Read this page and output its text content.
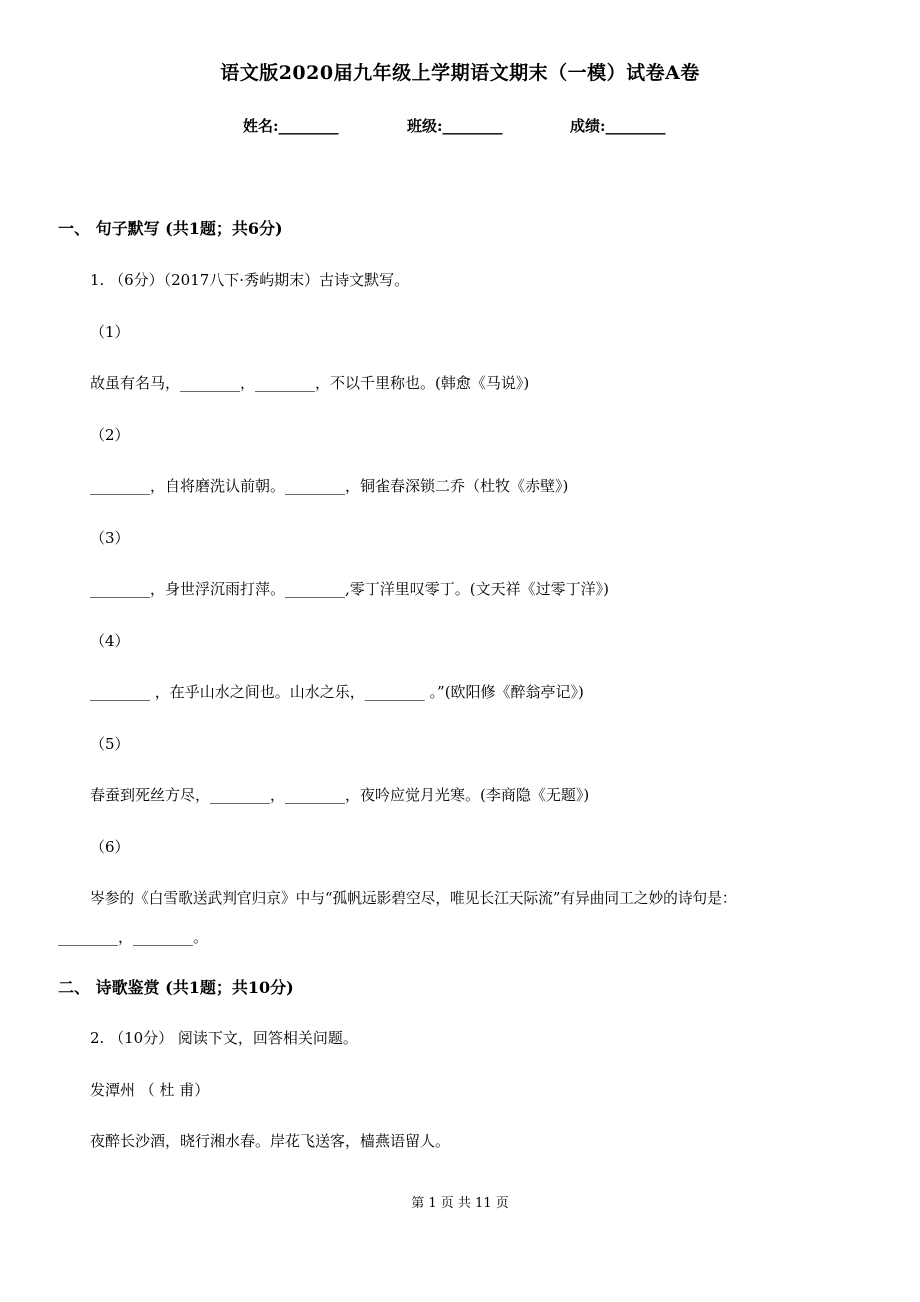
语文版2020届九年级上学期语文期末（一模）试卷A卷
姓名:________	班级:________	成绩:________
一、 句子默写 (共1题；共6分)
1. （6分）（2017八下·秀屿期末）古诗文默写。
（1）
故虽有名马，________，________，不以千里称也。(韩愈《马说》)
（2）
________，自将磨洗认前朝。________，铜雀春深锁二乔（杜牧《赤壁》)
（3）
________，身世浮沉雨打萍。________,零丁洋里叹零丁。(文天祥《过零丁洋》)
（4）
________ ，在乎山水之间也。山水之乐，________ 。”(欧阳修《醉翁亭记》)
（5）
春蚕到死丝方尽，________，________，夜吟应觉月光寒。(李商隐《无题》)
（6）
岑参的《白雪歌送武判官归京》中与“孤帆远影碧空尽，唯见长江天际流”有异曲同工之妙的诗句是：
________，________。
二、 诗歌鉴赏 (共1题；共10分)
2. （10分） 阅读下文，回答相关问题。
发潭州 （ 杜 甫）
夜醉长沙酒，晓行湘水春。岸花飞送客，樯燕语留人。
第 1 页 共 11 页
